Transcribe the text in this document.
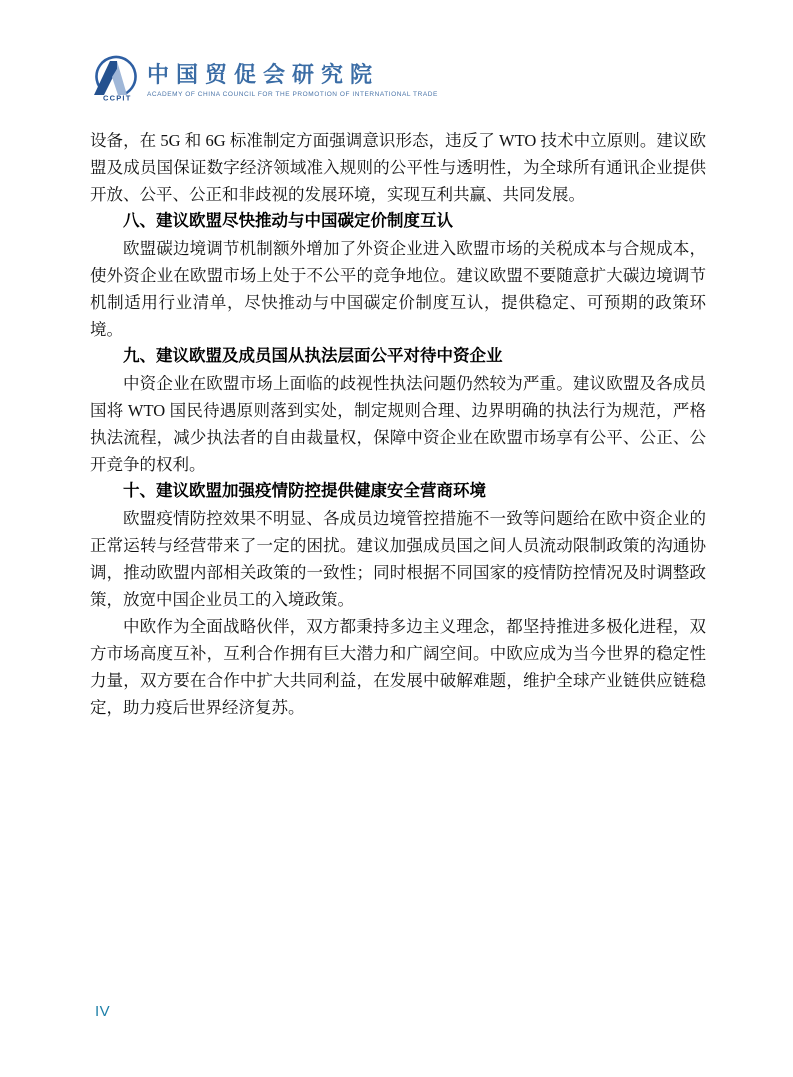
CCPIT
中国贸促会研究院
ACADEMY OF CHINA COUNCIL FOR THE PROMOTION OF INTERNATIONAL TRADE

设备，在 5G 和 6G 标准制定方面强调意识形态，违反了 WTO 技术中立原则。建议欧盟及成员国保证数字经济领域准入规则的公平性与透明性，为全球所有通讯企业提供开放、公平、公正和非歧视的发展环境，实现互利共赢、共同发展。

八、建议欧盟尽快推动与中国碳定价制度互认

欧盟碳边境调节机制额外增加了外资企业进入欧盟市场的关税成本与合规成本，使外资企业在欧盟市场上处于不公平的竞争地位。建议欧盟不要随意扩大碳边境调节机制适用行业清单，尽快推动与中国碳定价制度互认，提供稳定、可预期的政策环境。

九、建议欧盟及成员国从执法层面公平对待中资企业

中资企业在欧盟市场上面临的歧视性执法问题仍然较为严重。建议欧盟及各成员国将 WTO 国民待遇原则落到实处，制定规则合理、边界明确的执法行为规范，严格执法流程，减少执法者的自由裁量权，保障中资企业在欧盟市场享有公平、公正、公开竞争的权利。

十、建议欧盟加强疫情防控提供健康安全营商环境

欧盟疫情防控效果不明显、各成员边境管控措施不一致等问题给在欧中资企业的正常运转与经营带来了一定的困扰。建议加强成员国之间人员流动限制政策的沟通协调，推动欧盟内部相关政策的一致性；同时根据不同国家的疫情防控情况及时调整政策，放宽中国企业员工的入境政策。

中欧作为全面战略伙伴，双方都秉持多边主义理念，都坚持推进多极化进程，双方市场高度互补，互利合作拥有巨大潜力和广阔空间。中欧应成为当今世界的稳定性力量，双方要在合作中扩大共同利益，在发展中破解难题，维护全球产业链供应链稳定，助力疫后世界经济复苏。

IV
